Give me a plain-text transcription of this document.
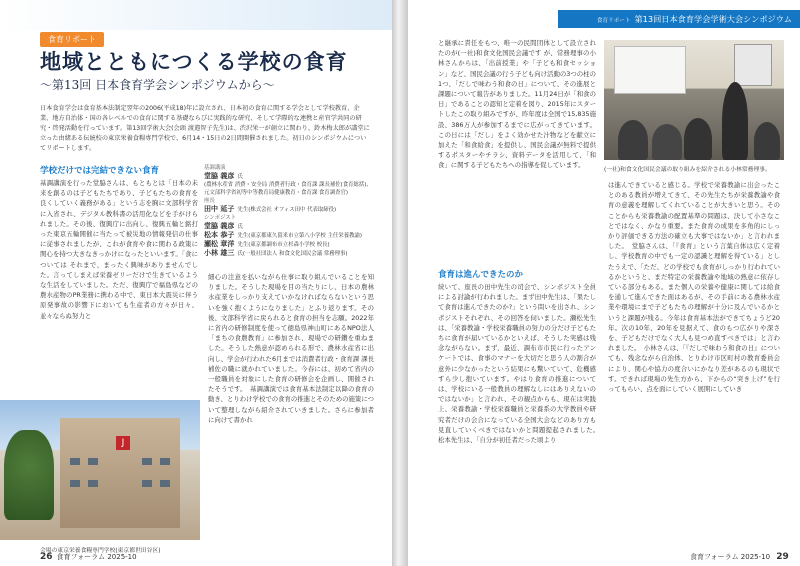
食育リポート
地域とともにつくる学校の食育
〜第13回 日本食育学会シンポジウムから〜
日本食育学会は食育基本法制定翌年の2006(平成18)年に設立され、日本初の食育に関する学会として学校教育、企業、地方自治体・国の各レベルでの食育に関する基礎ならびに実践的な研究、そして学際的な連携と産官学共同の研究・啓発活動を行っています。第13回学術大会(会頭 渡邉智子先生)は、渋沢栄一が創立に関わり、鈴木梅太郎が講堂に立った由緒ある伝統校の東京栄養食糧専門学校で、6月14・15日の2日間開催されました。初日のシンポジウムについてリポートします。
学校だけでは完結できない食育
基調講演を行った堂脇さんは、もともとは「日本の未来を創るのは子どもたちであり、子どもたちの食育を良くしていく義務がある」という志を胸に文部科学省に入省され、デジタル教科書の活用化などを手がけられました。その後、復興庁に出向し、復興五輪と銘打った東京五輪開催に当たって被災地の情報発信の仕事に従事されましたが、これが食育や食に関わる政策に関心を持つ大きなきっかけになったといいます。「食については それまで、まったく興味がありませんでした。言ってしまえば栄養ゼリーだけで生きているような生活をしていました。ただ、復興庁で福島県などの農水産物のPR業務に携わる中で、東日本大震災に伴う原発事故の影響下においても生産者の方々が日々、並々ならぬ努力と
基調講演
堂脇 義彦 氏
(農林水産省 消費・安全局 消費者行政・食育課 課長補佐(食育総括)、元文部科学省初等中等教育局健康教育・食育課 食育調査官)
座長
田中 延子 先生(株式会社 オフィス田中 代表取締役)
シンポジスト
堂脇 義彦 氏
松本 恭子 先生(東京都東久留米市立第八小学校 主任栄養教諭)
瀬松 章洋 先生(東京都調布市立杉森小学校 校長)
小林 雄三 氏(一般社団法人 和食文化国民会議 常務理事)
細心の注意を払いながら仕事に取り組んでいることを知りました。そうした現場を目の当たりにし、日本の農林水産業をしっかり支えていかなければならないという思いを強く抱くようになりました」とふり返ります。その後、文部科学省に戻られると食育の担当を志願。2022年に省内の研修制度を使って徳島県神山町にあるNPO法人「まちの食農教育」に参加され、現場での研鑽を重ねました。そうした熱意が認められる形で、農林水産省に出向し、学会が行われた6月までは消費者行政・食育課 課長補佐の職に就かれていました。今春には、初めて省内の一般職員を対象にした食育の研修会を企画し、開催されたそうです。　基調講演では食育基本法制定以降の食育の動き、とりわけ学校での食育の推進とそのための施策について整理しながら紹介されていきました。さらに参加者に向けて書かれ
J
会場の東京栄養食糧専門学校(東京都世田谷区)
26 食育フォーラム 2025-10
食育リポート 第13回日本食育学会学術大会シンポジウム
と継承に責任をもつ、唯一の民間団体として設立されたのが(一社)和食文化国民会議です が、常務理事の小林さんからは、「出前授業」や「子ども和食セッション」など、国民会議の行う子ども向け活動の3つの柱の1つ、「だしで味わう和食の日」について、その進展と課題について報告がありました。11月24日が「和食の日」であることの認知と定着を図り、2015年にスタートしたこの取り組みですが、昨年度は全国で15,835施設、386万人が参加するまでに広がってきています。この日には「だし」をよく効かせた汁物などを献立に加えた「和食給食」を提供し、国民会議が無料で提供するポスターやチラシ、資料データを活用して、「和食」に関する子どもたちへの指導を促しています。
食育は進んできたのか
続いて、座長の田中先生の司会で、シンポジスト全員による討論が行われました。まず田中先生は、「果たして食育は進んできたのか?」という問いを出され、シンポジストそれぞれ、その回答を伺いました。瀬松先生は、「栄養教諭・学校栄養職員の努力の分だけ子どもたちに食育が届いているかといえば、そうした実感は残念ながらない。まず、最近、調布市市民に行ったアンケートでは、食事のマナーを大切だと思う人の割合が意外に少なかったという結果にも驚いていて、危機感すら少し抱いています。やはり食育の推進については、学校にいる一般教員の理解なしにはありえないのではないか」と言われ、その観点からも、現在は実践上、栄養教諭・学校栄養職員と栄養系の大学教員や研究者だけの会合になっている全国大会などのあり方も見直していくべきではないかと問題提起されました。　松本先生は、「自分が初任者だった頃より
(一社)和食文化国民会議の取り組みを紹介される小林常務理事。
は進んできていると感じる。学校で栄養教諭に出会ったことのある教員が増えてきて、その先生たちが栄養教諭や食育の意義を理解してくれていることが大きいと思う。そのことからも栄養教諭の配置基準の問題は、決して小さなことではなく、かなり重要。また食育の成果を多角的にしっかり評価できる方法の確立も大事ではないか」と言われました。　堂脇さんは、「『食育』という言葉自体は広く定着し、学校教育の中でも一定の認識と理解を得ている」としたうえで、「ただ、どの学校でも食育がしっかり行われているかというと、まだ特定の栄養教諭や地域の熱意に依存している部分もある。また個人の栄養や健康に関しては給食を通して進んできた面はあるが、その手前にある農林水産業や環境にまで子どもたちの理解が十分に及んでいるかというと課題が残る。今年は食育基本法ができてちょうど20年。次の10年、20年を見据えて、食のもつ広がりや深さを、子どもだけでなく大人も見つめ直すべきでは」と言われました。　小林さんは、「『だしで味わう和食の日』についても、残念ながら自治体、とりわけ市区町村の教育委員会により、関心や協力の度合いにかなり差があるのも現状です。できれば現場の先生方から、下からの“突き上げ”を行ってもらい、点を面にしていく展開にしていき
食育フォーラム 2025-10 29
